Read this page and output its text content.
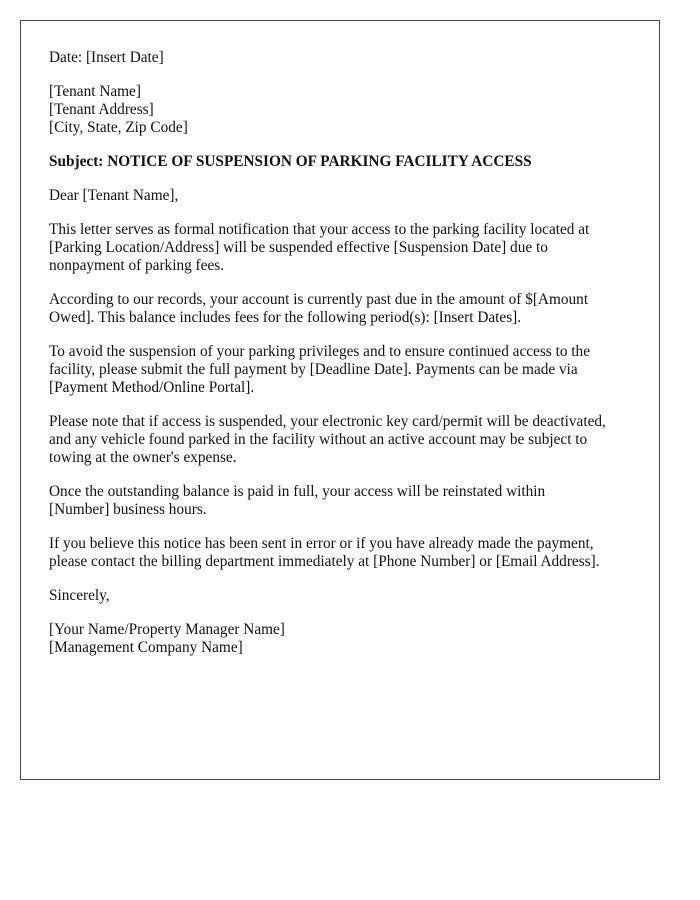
Date: [Insert Date]
[Tenant Name]
[Tenant Address]
[City, State, Zip Code]
Subject: NOTICE OF SUSPENSION OF PARKING FACILITY ACCESS
Dear [Tenant Name],
This letter serves as formal notification that your access to the parking facility located at
[Parking Location/Address] will be suspended effective [Suspension Date] due to
nonpayment of parking fees.
According to our records, your account is currently past due in the amount of $[Amount
Owed]. This balance includes fees for the following period(s): [Insert Dates].
To avoid the suspension of your parking privileges and to ensure continued access to the
facility, please submit the full payment by [Deadline Date]. Payments can be made via
[Payment Method/Online Portal].
Please note that if access is suspended, your electronic key card/permit will be deactivated,
and any vehicle found parked in the facility without an active account may be subject to
towing at the owner's expense.
Once the outstanding balance is paid in full, your access will be reinstated within
[Number] business hours.
If you believe this notice has been sent in error or if you have already made the payment,
please contact the billing department immediately at [Phone Number] or [Email Address].
Sincerely,
[Your Name/Property Manager Name]
[Management Company Name]
